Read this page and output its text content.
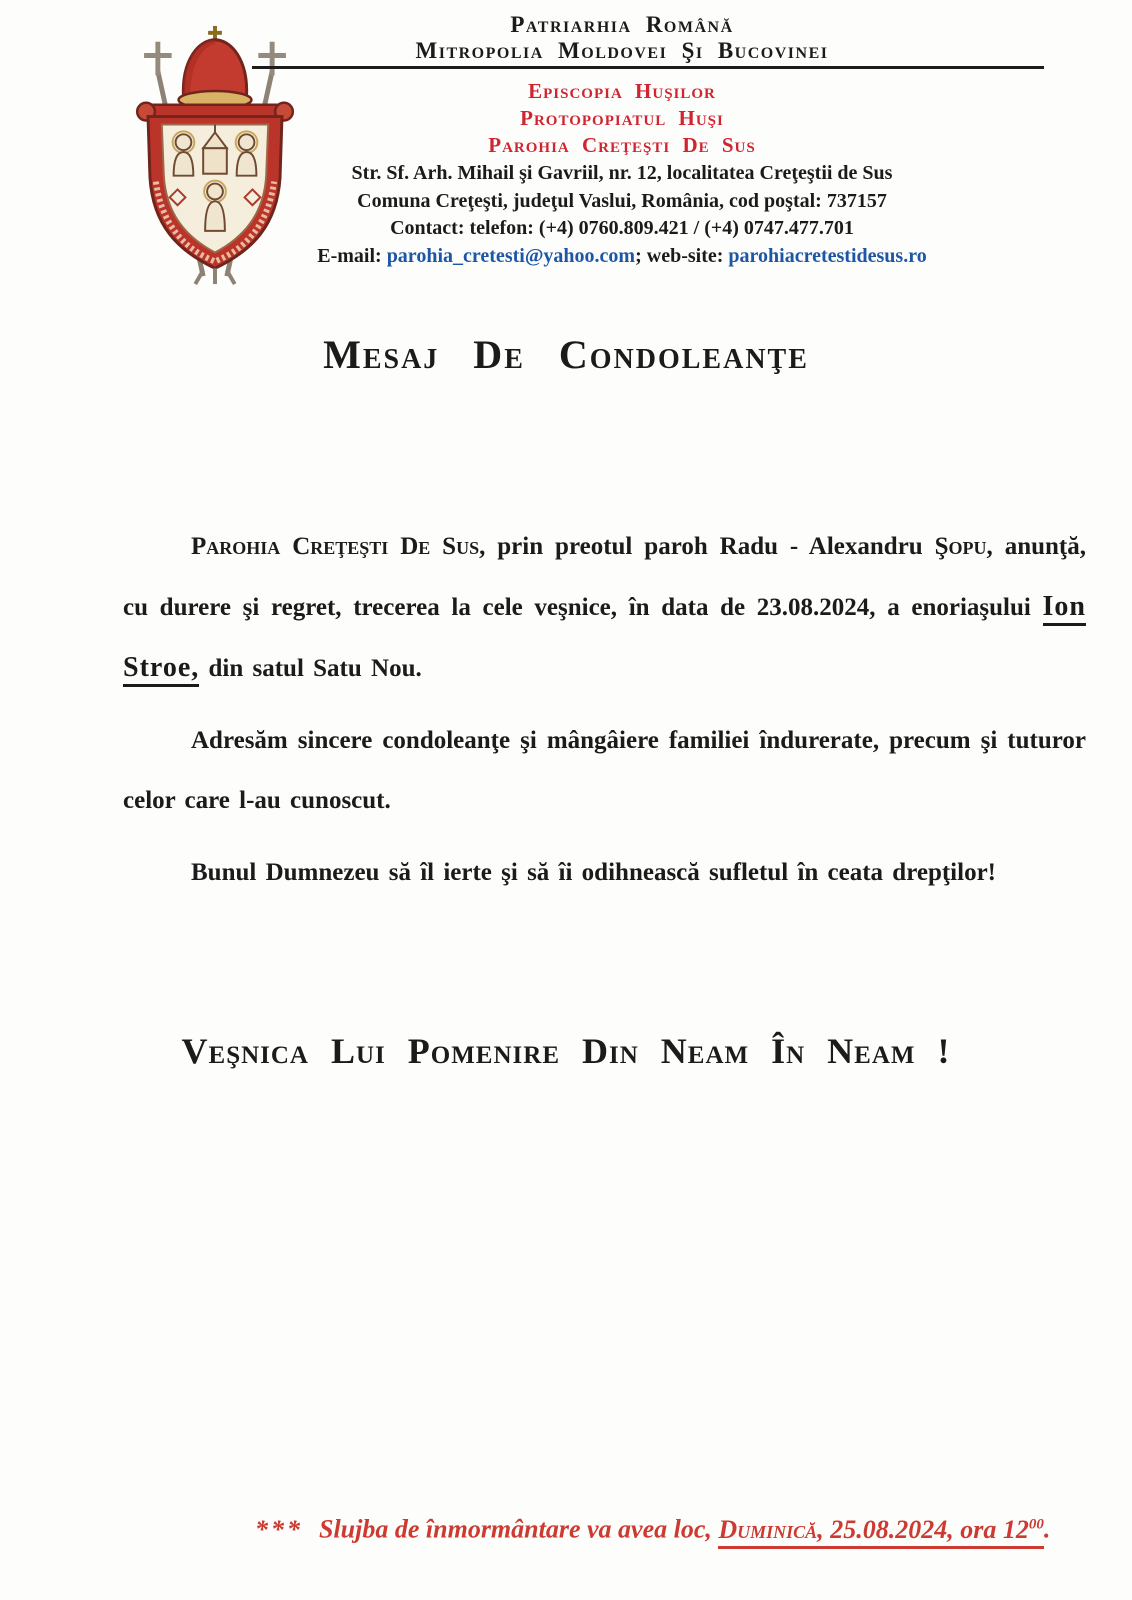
Patriarhia Română
Mitropolia Moldovei Şi Bucovinei
Episcopia Huşilor
Protopopiatul Huşi
Parohia Creţeşti De Sus
Str. Sf. Arh. Mihail şi Gavriil, nr. 12, localitatea Creţeştii de Sus
Comuna Creţeşti, judeţul Vaslui, România, cod poştal: 737157
Contact: telefon: (+4) 0760.809.421 / (+4) 0747.477.701
E-mail: parohia_cretesti@yahoo.com; web-site: parohiacretestidesus.ro
Mesaj De Condoleanţe

Parohia Creţeşti De Sus, prin preotul paroh Radu - Alexandru Şopu, anunţă, cu durere şi regret, trecerea la cele veşnice, în data de 23.08.2024, a enoriaşului Ion Stroe, din satul Satu Nou.

Adresăm sincere condoleanţe şi mângâiere familiei îndurerate, precum şi tuturor celor care l-au cunoscut.

Bunul Dumnezeu să îl ierte şi să îi odihnească sufletul în ceata drepţilor!

Veşnica Lui Pomenire Din Neam În Neam !
*** Slujba de înmormântare va avea loc, Duminică, 25.08.2024, ora $12^{00}$.
